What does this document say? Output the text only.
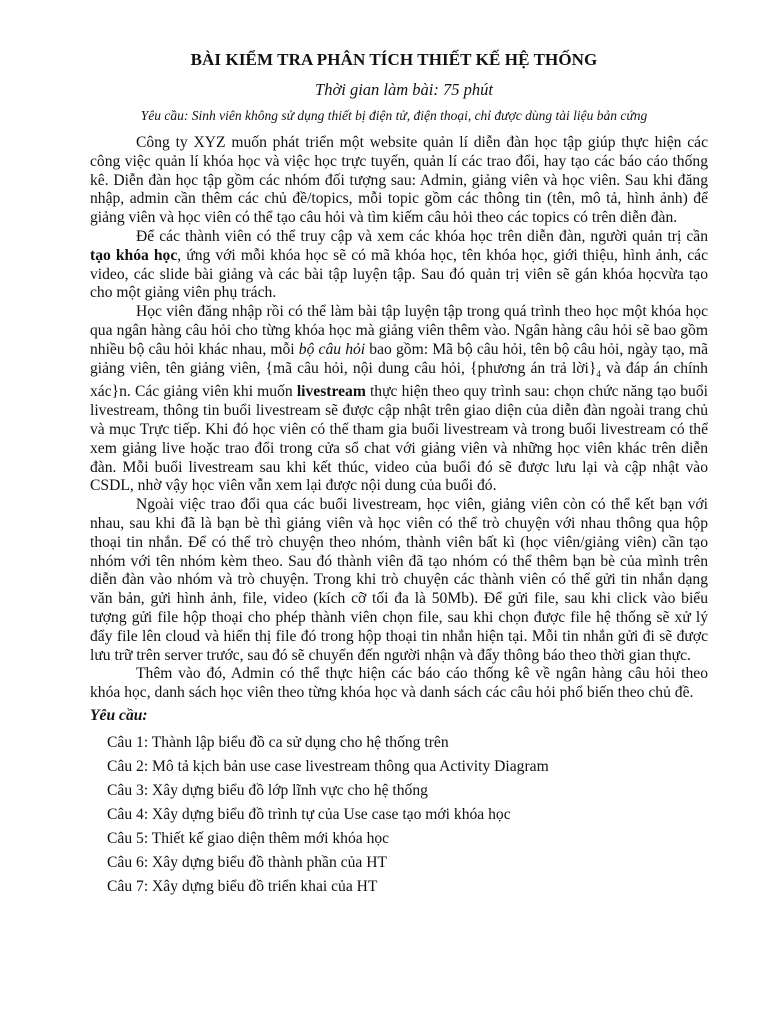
BÀI KIỂM TRA PHÂN TÍCH THIẾT KẾ HỆ THỐNG
Thời gian làm bài: 75 phút
Yêu cầu: Sinh viên không sử dụng thiết bị điện tử, điện thoại, chỉ được dùng tài liệu bản cứng

Công ty XYZ muốn phát triển một website quản lí diễn đàn học tập giúp thực hiện các công việc quản lí khóa học và việc học trực tuyến, quản lí các trao đổi, hay tạo các báo cáo thống kê. Diễn đàn học tập gồm các nhóm đối tượng sau: Admin, giảng viên và học viên. Sau khi đăng nhập, admin cần thêm các chủ đề/topics, mỗi topic gồm các thông tin (tên, mô tả, hình ảnh) để giảng viên và học viên có thể tạo câu hỏi và tìm kiếm câu hỏi theo các topics có trên diễn đàn.

Để các thành viên có thể truy cập và xem các khóa học trên diễn đàn, người quản trị cần tạo khóa học, ứng với mỗi khóa học sẽ có mã khóa học, tên khóa học, giới thiệu, hình ảnh, các video, các slide bài giảng và các bài tập luyện tập. Sau đó quản trị viên sẽ gán khóa họcvừa tạo cho một giảng viên phụ trách.

Học viên đăng nhập rồi có thể làm bài tập luyện tập trong quá trình theo học một khóa học qua ngân hàng câu hỏi cho từng khóa học mà giảng viên thêm vào. Ngân hàng câu hỏi sẽ bao gồm nhiều bộ câu hỏi khác nhau, mỗi bộ câu hỏi bao gồm: Mã bộ câu hỏi, tên bộ câu hỏi, ngày tạo, mã giảng viên, tên giảng viên, {mã câu hỏi, nội dung câu hỏi, {phương án trả $lời\}_4$ và đáp án chính xác}n. Các giảng viên khi muốn livestream thực hiện theo quy trình sau: chọn chức năng tạo buổi livestream, thông tin buổi livestream sẽ được cập nhật trên giao diện của diễn đàn ngoài trang chủ và mục Trực tiếp. Khi đó học viên có thể tham gia buổi livestream và trong buổi livestream có thể xem giảng live hoặc trao đổi trong cửa sổ chat với giảng viên và những học viên khác trên diễn đàn. Mỗi buổi livestream sau khi kết thúc, video của buổi đó sẽ được lưu lại và cập nhật vào CSDL, nhờ vậy học viên vẫn xem lại được nội dung của buổi đó.

Ngoài việc trao đổi qua các buổi livestream, học viên, giảng viên còn có thể kết bạn với nhau, sau khi đã là bạn bè thì giảng viên và học viên có thể trò chuyện với nhau thông qua hộp thoại tin nhắn. Để có thể trò chuyện theo nhóm, thành viên bất kì (học viên/giảng viên) cần tạo nhóm với tên nhóm kèm theo. Sau đó thành viên đã tạo nhóm có thể thêm bạn bè của mình trên diễn đàn vào nhóm và trò chuyện. Trong khi trò chuyện các thành viên có thể gửi tin nhắn dạng văn bản, gửi hình ảnh, file, video (kích cỡ tối đa là 50Mb). Để gửi file, sau khi click vào biểu tượng gửi file hộp thoại cho phép thành viên chọn file, sau khi chọn được file hệ thống sẽ xử lý đẩy file lên cloud và hiển thị file đó trong hộp thoại tin nhắn hiện tại. Mỗi tin nhắn gửi đi sẽ được lưu trữ trên server trước, sau đó sẽ chuyển đến người nhận và đẩy thông báo theo thời gian thực.

Thêm vào đó, Admin có thể thực hiện các báo cáo thống kê về ngân hàng câu hỏi theo khóa học, danh sách học viên theo từng khóa học và danh sách các câu hỏi phổ biến theo chủ đề.

Yêu cầu:
Câu 1: Thành lập biểu đồ ca sử dụng cho hệ thống trên
Câu 2: Mô tả kịch bản use case livestream thông qua Activity Diagram
Câu 3: Xây dựng biểu đồ lớp lĩnh vực cho hệ thống
Câu 4: Xây dựng biểu đồ trình tự của Use case tạo mới khóa học
Câu 5: Thiết kế giao diện thêm mới khóa học
Câu 6: Xây dựng biểu đồ thành phần của HT
Câu 7: Xây dựng biểu đồ triển khai của HT
